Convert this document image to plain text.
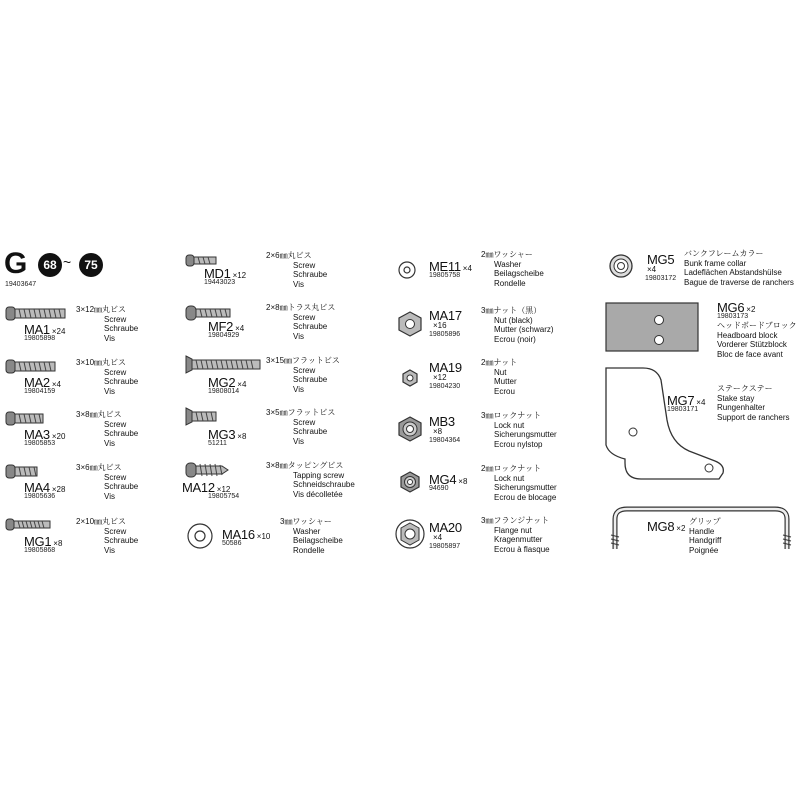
G	68 ~	75
19403647
MA1 ×24
19805898
3×12㎜丸ビス
Screw
Schraube
Vis
MA2 ×4
19804159
3×10㎜丸ビス
Screw
Schraube
Vis
MA3 ×20
19805853
3×8㎜丸ビス
Screw
Schraube
Vis
MA4 ×28
19805636
3×6㎜丸ビス
Screw
Schraube
Vis
MG1 ×8
19805868
2×10㎜丸ビス
Screw
Schraube
Vis
MD1 ×12
19443023
2×6㎜丸ビス
Screw
Schraube
Vis
MF2 ×4
19804929
2×8㎜トラス丸ビス
Screw
Schraube
Vis
MG2 ×4
19808014
3×15㎜フラットビス
Screw
Schraube
Vis
MG3 ×8
51211
3×5㎜フラットビス
Screw
Schraube
Vis
MA12 ×12
19805754
3×8㎜タッピングビス
Tapping screw
Schneidschraube
Vis décolletée
MA16 ×10
50586
3㎜ワッシャー
Washer
Beilagscheibe
Rondelle
ME11 ×4
19805758
2㎜ワッシャー
Washer
Beilagscheibe
Rondelle
MA17
×16
19805896
3㎜ナット（黒）
Nut (black)
Mutter (schwarz)
Ecrou (noir)
MA19
×12
19804230
2㎜ナット
Nut
Mutter
Ecrou
MB3
×8
19804364
3㎜ロックナット
Lock nut
Sicherungsmutter
Ecrou nylstop
MG4 ×8
94690
2㎜ロックナット
Lock nut
Sicherungsmutter
Ecrou de blocage
MA20
×4
19805897
3㎜フランジナット
Flange nut
Kragenmutter
Ecrou à flasque
MG5
×4
19803172
バンクフレームカラー
Bunk frame collar
Ladeflächen Abstandshülse
Bague de traverse de ranchers
MG6 ×2
19803173
ヘッドボードブロック
Headboard block
Vorderer Stützblock
Bloc de face avant
MG7 ×4
19803171
ステークステー
Stake stay
Rungenhalter
Support de ranchers
MG8 ×2
グリップ
Handle
Handgriff
Poignée
